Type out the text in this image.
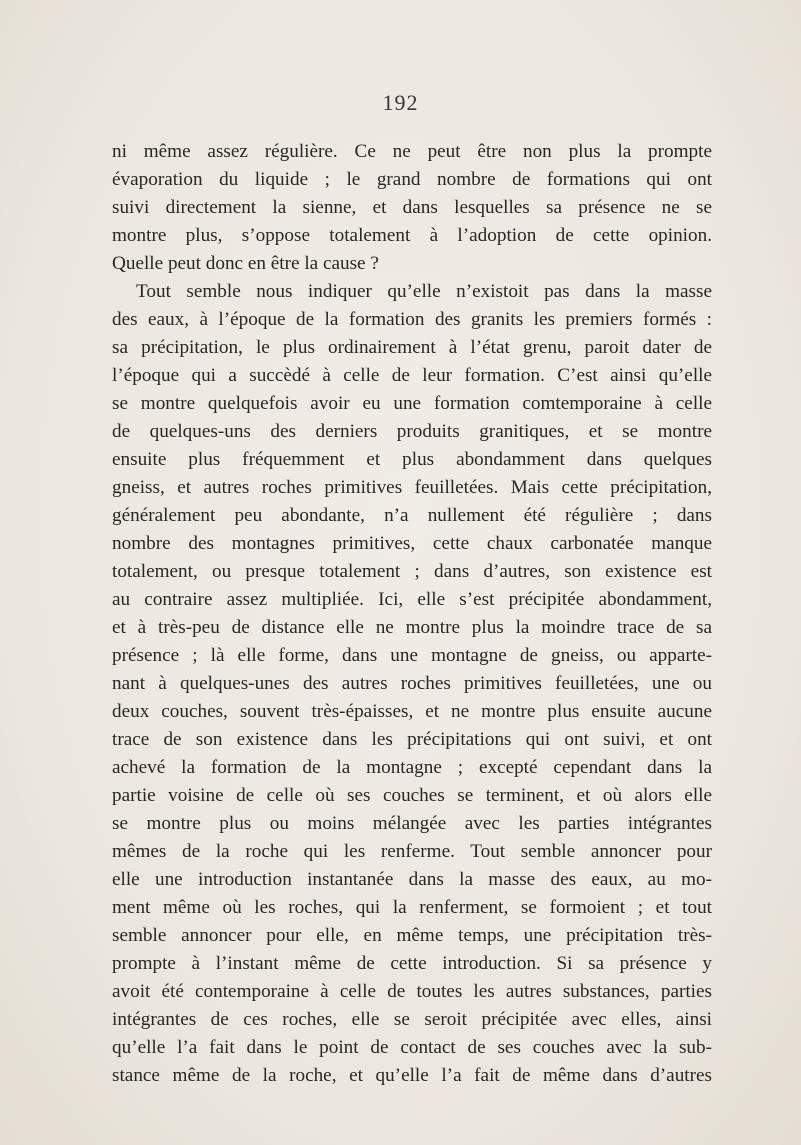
192
ni même assez régulière. Ce ne peut être non plus la prompte
évaporation du liquide ; le grand nombre de formations qui ont
suivi directement la sienne, et dans lesquelles sa présence ne se
montre plus, s’oppose totalement à l’adoption de cette opinion.
Quelle peut donc en être la cause ?
Tout semble nous indiquer qu’elle n’existoit pas dans la masse
des eaux, à l’époque de la formation des granits les premiers formés :
sa précipitation, le plus ordinairement à l’état grenu, paroit dater de
l’époque qui a succèdé à celle de leur formation. C’est ainsi qu’elle
se montre quelquefois avoir eu une formation comtemporaine à celle
de quelques-uns des derniers produits granitiques, et se montre
ensuite plus fréquemment et plus abondamment dans quelques
gneiss, et autres roches primitives feuilletées. Mais cette précipitation,
généralement peu abondante, n’a nullement été régulière ; dans
nombre des montagnes primitives, cette chaux carbonatée manque
totalement, ou presque totalement ; dans d’autres, son existence est
au contraire assez multipliée. Ici, elle s’est précipitée abondamment,
et à très-peu de distance elle ne montre plus la moindre trace de sa
présence ; là elle forme, dans une montagne de gneiss, ou apparte-
nant à quelques-unes des autres roches primitives feuilletées, une ou
deux couches, souvent très-épaisses, et ne montre plus ensuite aucune
trace de son existence dans les précipitations qui ont suivi, et ont
achevé la formation de la montagne ; excepté cependant dans la
partie voisine de celle où ses couches se terminent, et où alors elle
se montre plus ou moins mélangée avec les parties intégrantes
mêmes de la roche qui les renferme. Tout semble annoncer pour
elle une introduction instantanée dans la masse des eaux, au mo-
ment même où les roches, qui la renferment, se formoient ; et tout
semble annoncer pour elle, en même temps, une précipitation très-
prompte à l’instant même de cette introduction. Si sa présence y
avoit été contemporaine à celle de toutes les autres substances, parties
intégrantes de ces roches, elle se seroit précipitée avec elles, ainsi
qu’elle l’a fait dans le point de contact de ses couches avec la sub-
stance même de la roche, et qu’elle l’a fait de même dans d’autres
